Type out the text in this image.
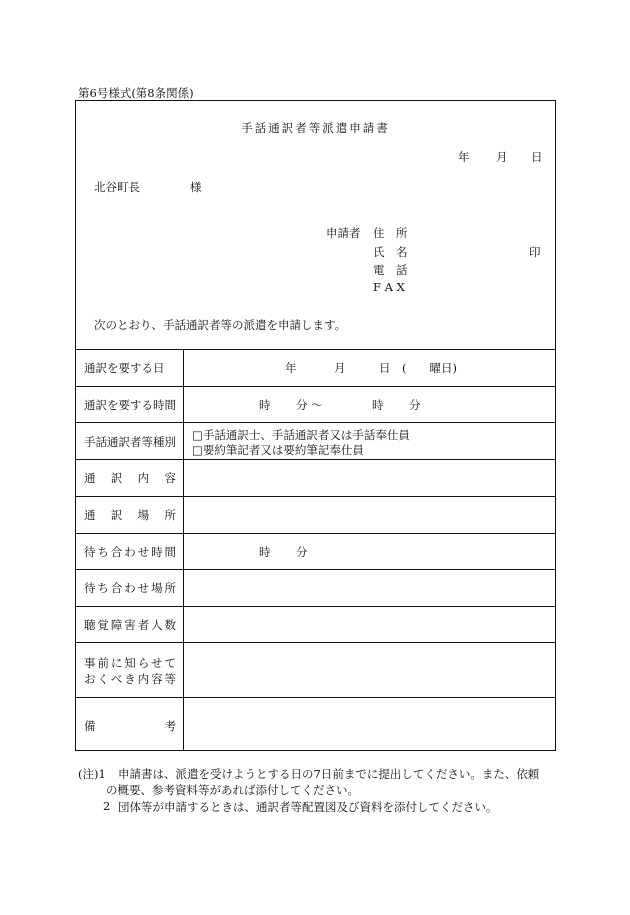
第6号様式(第8条関係)
手話通訳者等派遣申請書
年 月 日
北谷町長	様
申請者 住　所
氏　名	印
電　話
F A X
次のとおり、手話通訳者等の派遣を申請します。
通訳を要する日	年	月	日 (　　曜日)
通訳を要する時間	時 分 〜	時 分
手話通訳者等種別 □手話通訳士、手話通訳者又は手話奉仕員
□要約筆記者又は要約筆記奉仕員
通訳内容
通訳場所
待ち合わせ時間	時 分
待ち合わせ場所
聴覚障害者人数
事前に知らせて
おくべき内容等
備考
(注)1 申請書は、派遣を受けようとする日の7日前までに提出してください。また、依頼
の概要、参考資料等があれば添付してください。
2 団体等が申請するときは、通訳者等配置図及び資料を添付してください。
